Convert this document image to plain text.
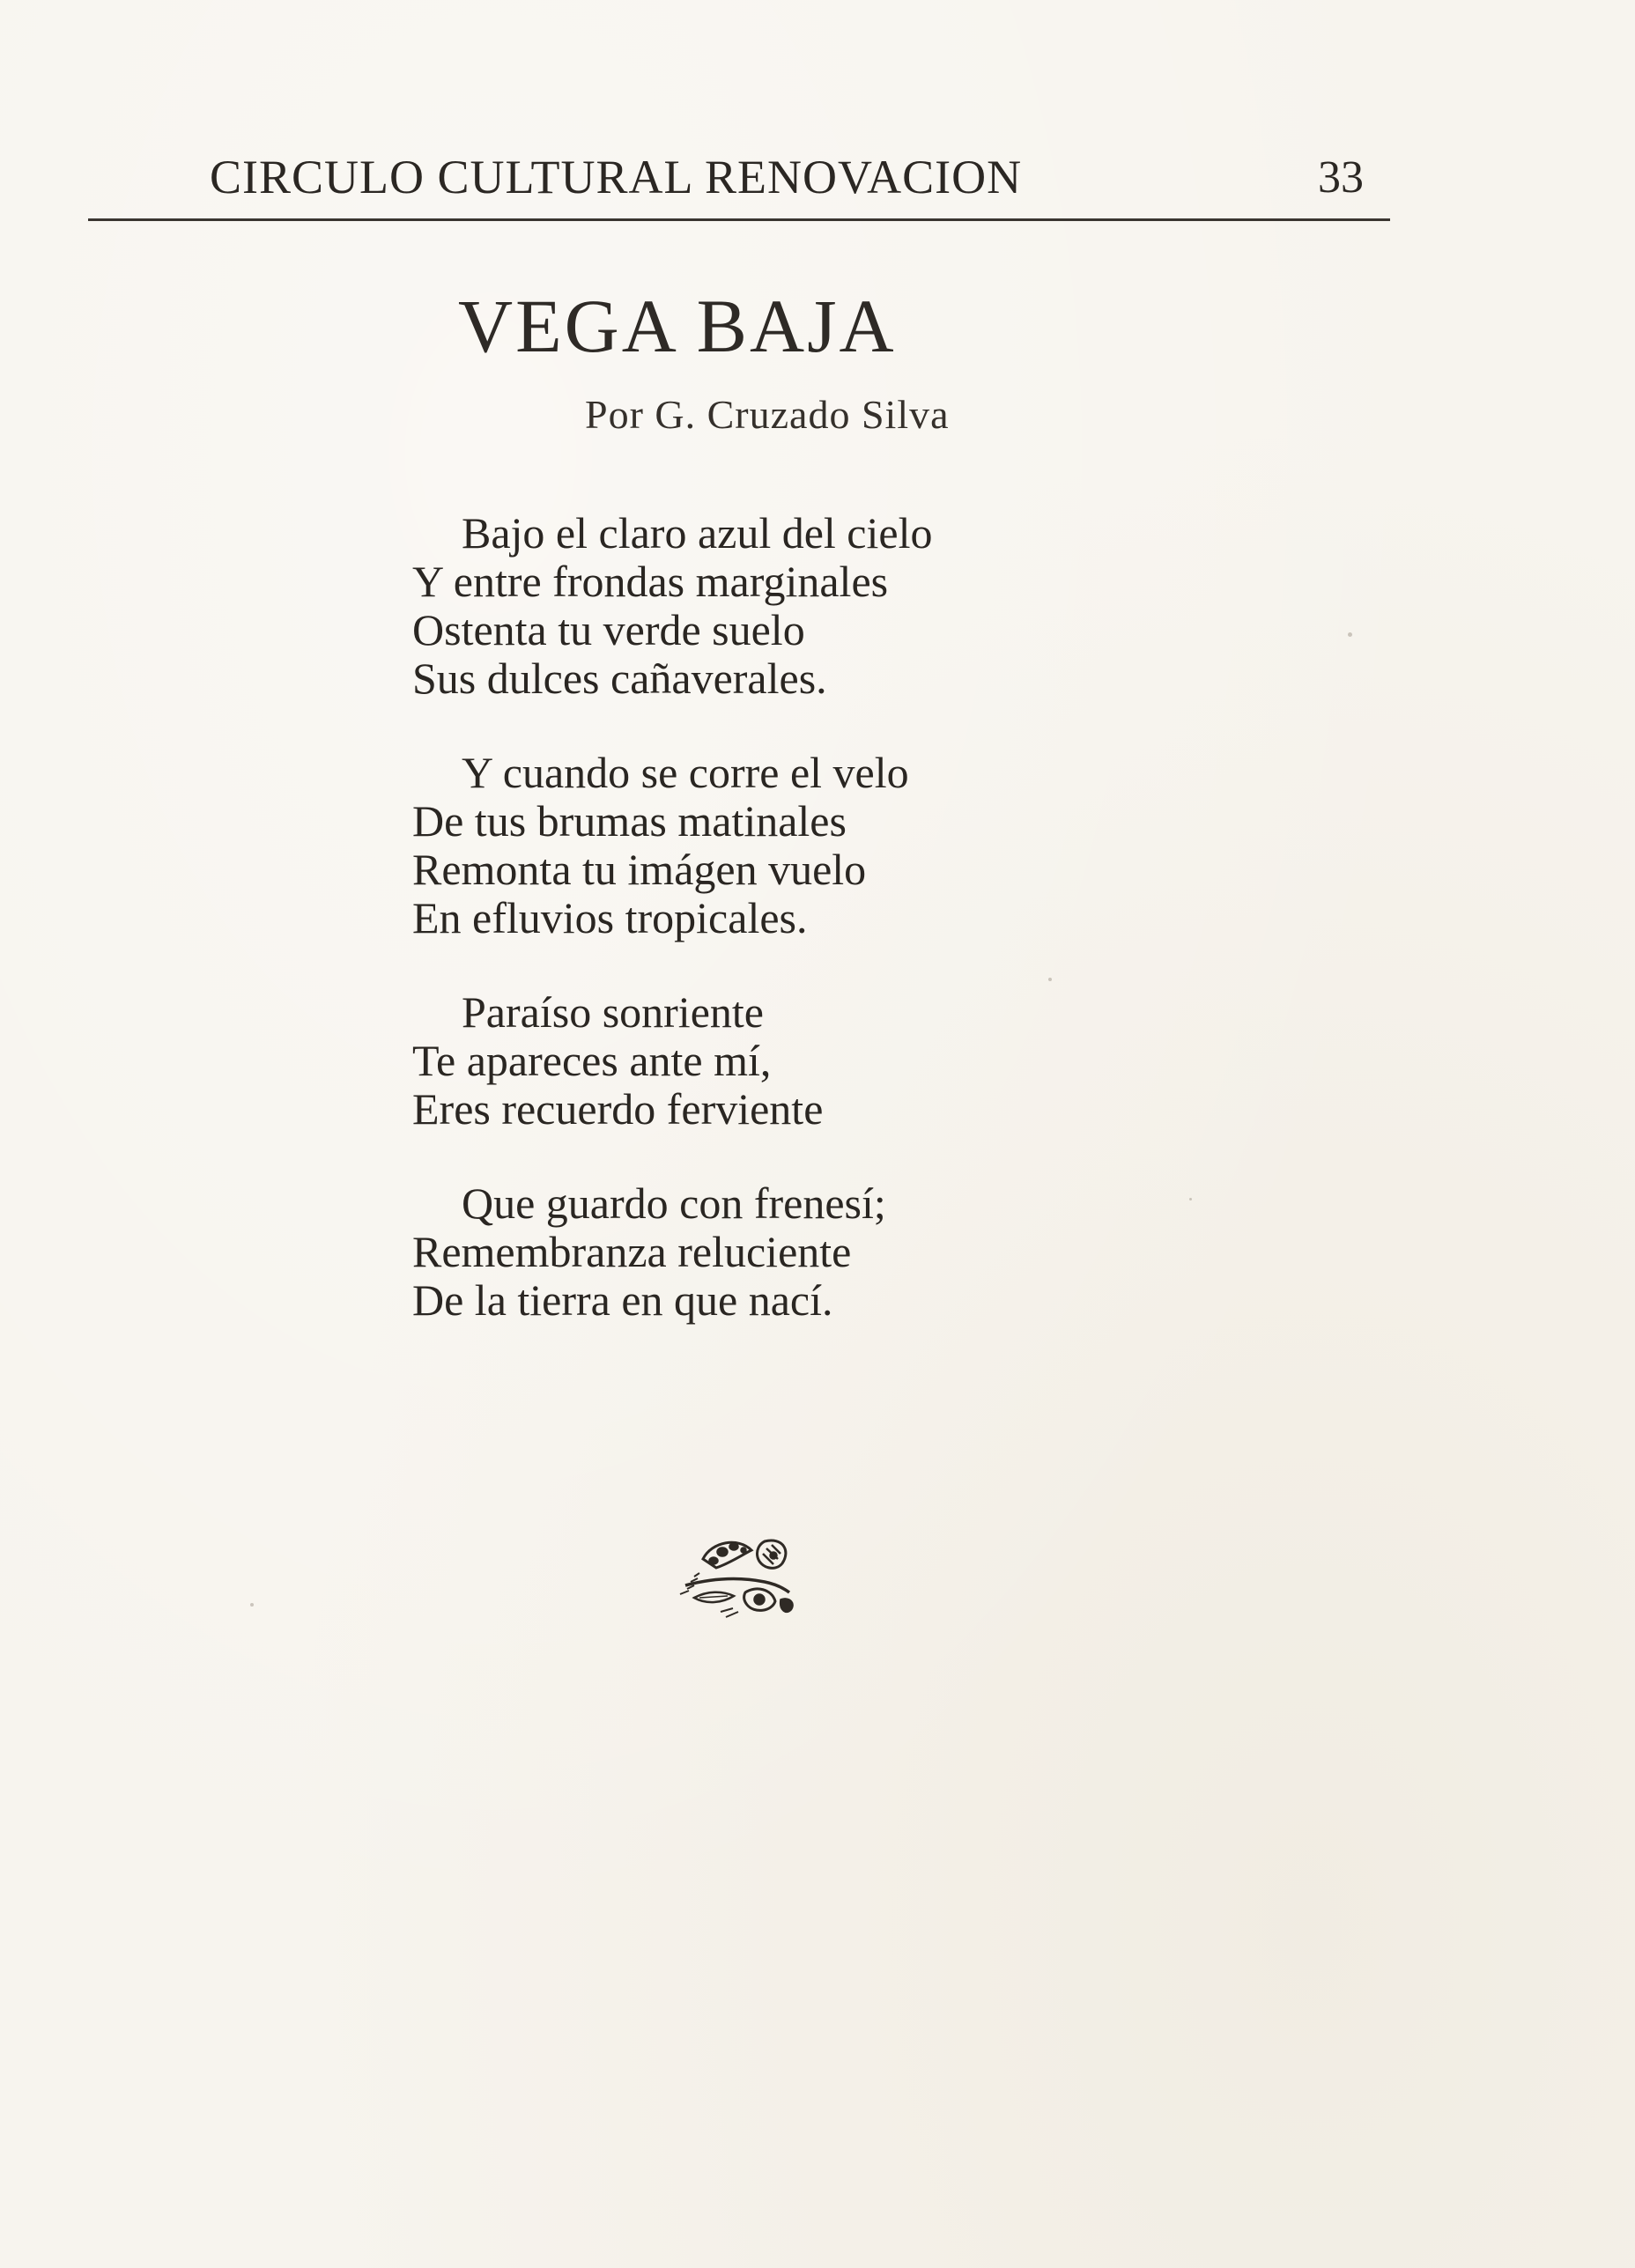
CIRCULO CULTURAL RENOVACION	33
VEGA BAJA
Por G. Cruzado Silva
Bajo el claro azul del cielo
Y entre frondas marginales
Ostenta tu verde suelo
Sus dulces cañaverales.
Y cuando se corre el velo
De tus brumas matinales
Remonta tu imágen vuelo
En efluvios tropicales.
Paraíso sonriente
Te apareces ante mí,
Eres recuerdo ferviente
Que guardo con frenesí;
Remembranza reluciente
De la tierra en que nací.
